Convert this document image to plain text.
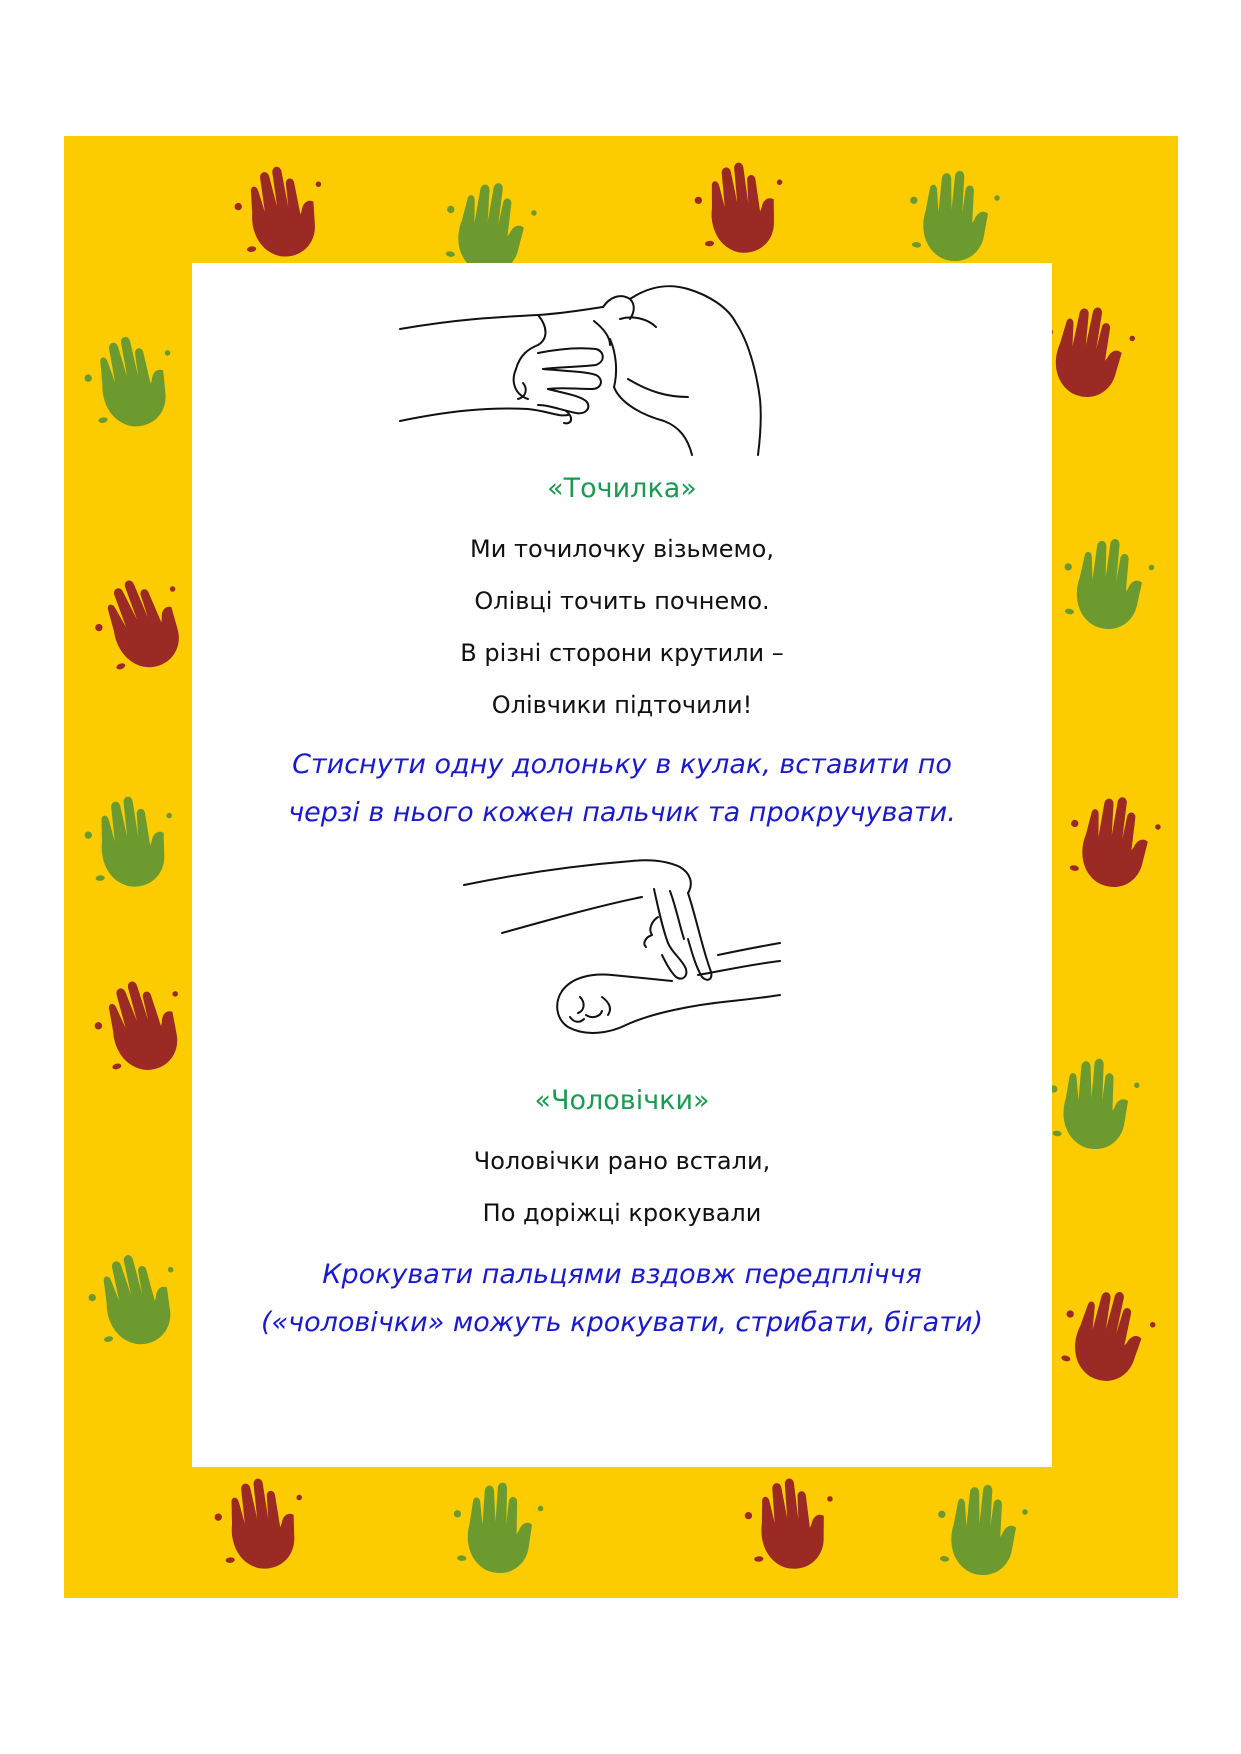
«Точилка»
Ми точилочку візьмемо,
Олівці точить почнемо.
В різні сторони крутили –
Олівчики підточили!
Стиснути одну долоньку в кулак, вставити по
черзі в нього кожен пальчик та прокручувати.
«Чоловічки»
Чоловічки рано встали,
По доріжці крокували
Крокувати пальцями вздовж передпліччя
(«чоловічки» можуть крокувати, стрибати, бігати)
